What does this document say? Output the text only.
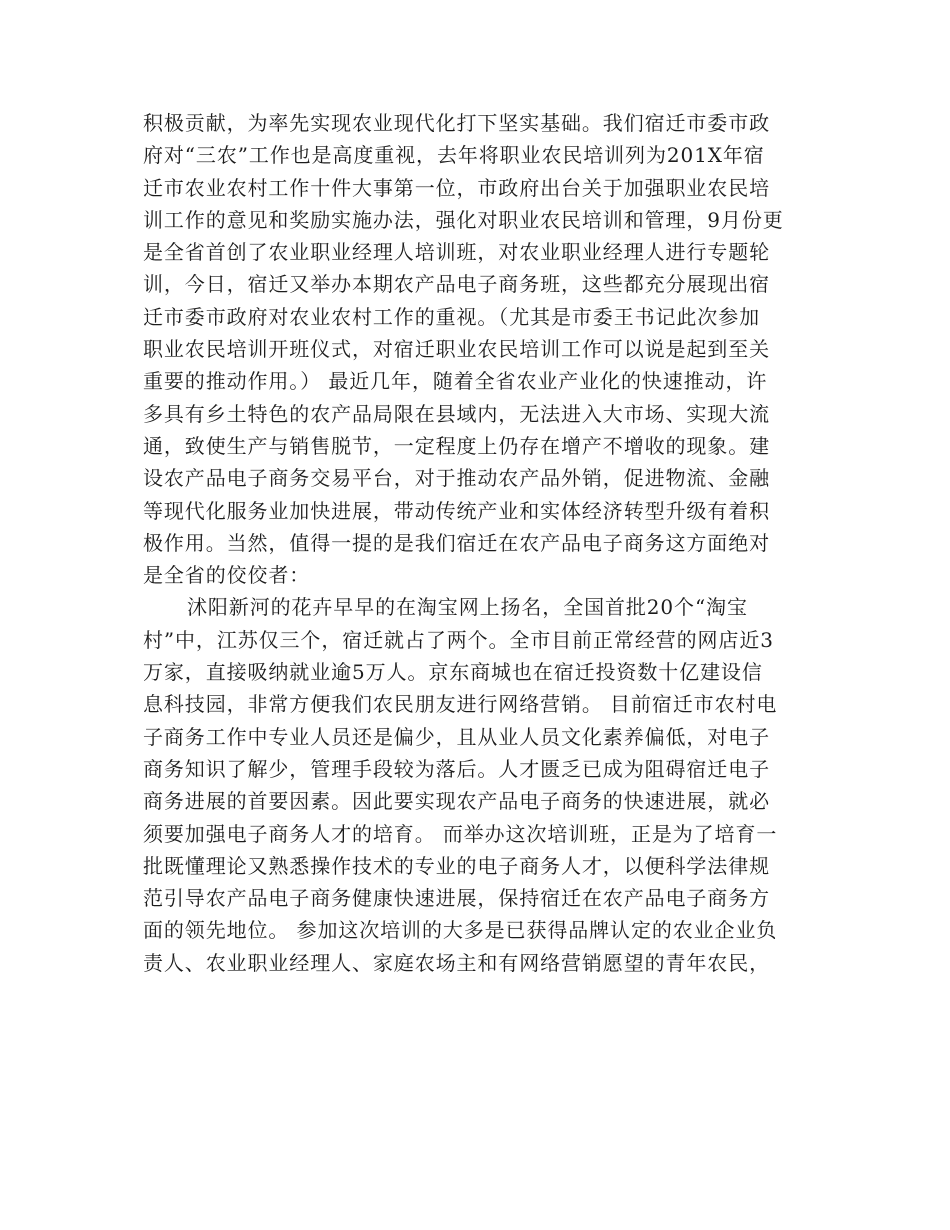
积极贡献，为率先实现农业现代化打下坚实基础。我们宿迁市委市政
府对“三农”工作也是高度重视，去年将职业农民培训列为201X年宿
迁市农业农村工作十件大事第一位，市政府出台关于加强职业农民培
训工作的意见和奖励实施办法，强化对职业农民培训和管理，9月份更
是全省首创了农业职业经理人培训班，对农业职业经理人进行专题轮
训，今日，宿迁又举办本期农产品电子商务班，这些都充分展现出宿
迁市委市政府对农业农村工作的重视。（尤其是市委王书记此次参加
职业农民培训开班仪式，对宿迁职业农民培训工作可以说是起到至关
重要的推动作用。） 最近几年，随着全省农业产业化的快速推动，许
多具有乡土特色的农产品局限在县域内，无法进入大市场、实现大流
通，致使生产与销售脱节，一定程度上仍存在增产不增收的现象。建
设农产品电子商务交易平台，对于推动农产品外销，促进物流、金融
等现代化服务业加快进展，带动传统产业和实体经济转型升级有着积
极作用。当然，值得一提的是我们宿迁在农产品电子商务这方面绝对
是全省的佼佼者：
沭阳新河的花卉早早的在淘宝网上扬名，全国首批20个“淘宝
村”中，江苏仅三个，宿迁就占了两个。全市目前正常经营的网店近3
万家，直接吸纳就业逾5万人。京东商城也在宿迁投资数十亿建设信
息科技园，非常方便我们农民朋友进行网络营销。 目前宿迁市农村电
子商务工作中专业人员还是偏少，且从业人员文化素养偏低，对电子
商务知识了解少，管理手段较为落后。人才匮乏已成为阻碍宿迁电子
商务进展的首要因素。因此要实现农产品电子商务的快速进展，就必
须要加强电子商务人才的培育。 而举办这次培训班，正是为了培育一
批既懂理论又熟悉操作技术的专业的电子商务人才，以便科学法律规
范引导农产品电子商务健康快速进展，保持宿迁在农产品电子商务方
面的领先地位。 参加这次培训的大多是已获得品牌认定的农业企业负
责人、农业职业经理人、家庭农场主和有网络营销愿望的青年农民，
